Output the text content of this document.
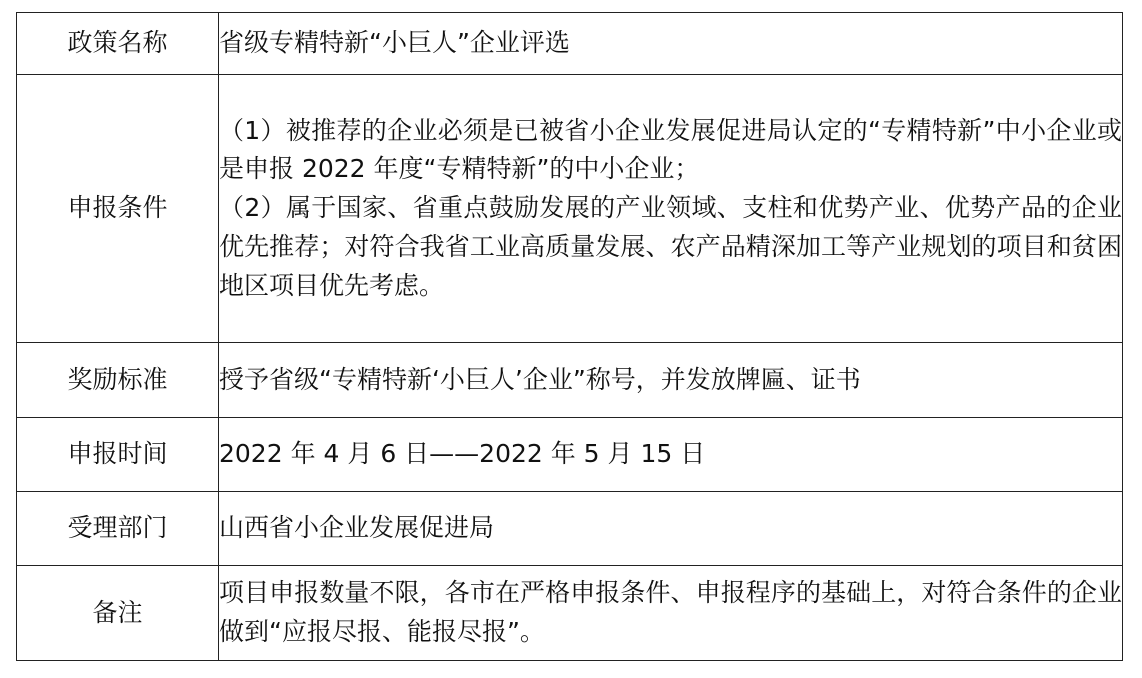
政策名称	省级专精特新“小巨人”企业评选

申报条件	（1）被推荐的企业必须是已被省小企业发展促进局认定的“专精特新”中小企业或是申报 2022 年度“专精特新”的中小企业；
（2）属于国家、省重点鼓励发展的产业领域、支柱和优势产业、优势产品的企业优先推荐；对符合我省工业高质量发展、农产品精深加工等产业规划的项目和贫困地区项目优先考虑。

奖励标准	授予省级“专精特新‘小巨人’企业”称号，并发放牌匾、证书

申报时间	2022 年 4 月 6 日——2022 年 5 月 15 日

受理部门	山西省小企业发展促进局

备注	项目申报数量不限，各市在严格申报条件、申报程序的基础上，对符合条件的企业做到“应报尽报、能报尽报”。
